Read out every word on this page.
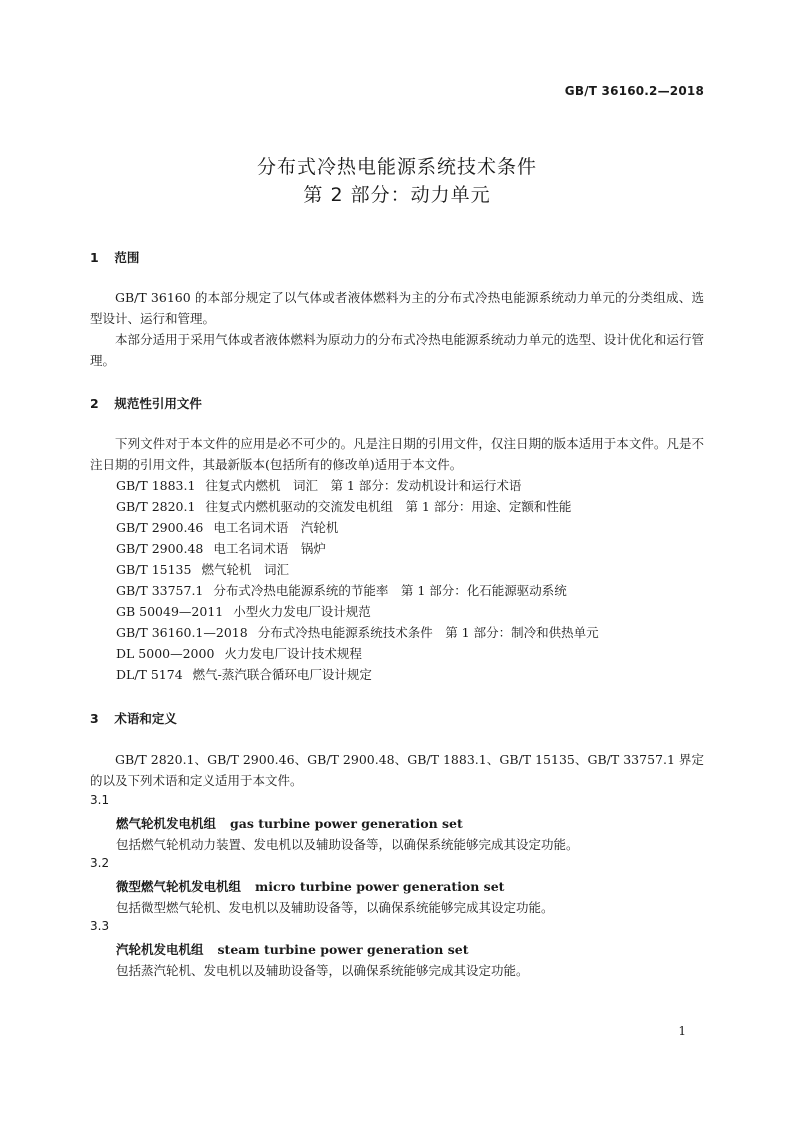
GB/T 36160.2—2018
分布式冷热电能源系统技术条件
第 2 部分：动力单元
1 范围
GB/T 36160 的本部分规定了以气体或者液体燃料为主的分布式冷热电能源系统动力单元的分类组成、选型设计、运行和管理。
本部分适用于采用气体或者液体燃料为原动力的分布式冷热电能源系统动力单元的选型、设计优化和运行管理。
2 规范性引用文件
下列文件对于本文件的应用是必不可少的。凡是注日期的引用文件，仅注日期的版本适用于本文件。凡是不注日期的引用文件，其最新版本(包括所有的修改单)适用于本文件。
GB/T 1883.1 往复式内燃机　词汇　第 1 部分：发动机设计和运行术语
GB/T 2820.1 往复式内燃机驱动的交流发电机组　第 1 部分：用途、定额和性能
GB/T 2900.46 电工名词术语　汽轮机
GB/T 2900.48 电工名词术语　锅炉
GB/T 15135 燃气轮机　词汇
GB/T 33757.1 分布式冷热电能源系统的节能率　第 1 部分：化石能源驱动系统
GB 50049—2011 小型火力发电厂设计规范
GB/T 36160.1—2018 分布式冷热电能源系统技术条件　第 1 部分：制冷和供热单元
DL 5000—2000 火力发电厂设计技术规程
DL/T 5174 燃气-蒸汽联合循环电厂设计规定
3 术语和定义
GB/T 2820.1、GB/T 2900.46、GB/T 2900.48、GB/T 1883.1、GB/T 15135、GB/T 33757.1 界定的以及下列术语和定义适用于本文件。
3.1
燃气轮机发电机组 gas turbine power generation set
包括燃气轮机动力装置、发电机以及辅助设备等，以确保系统能够完成其设定功能。
3.2
微型燃气轮机发电机组 micro turbine power generation set
包括微型燃气轮机、发电机以及辅助设备等，以确保系统能够完成其设定功能。
3.3
汽轮机发电机组 steam turbine power generation set
包括蒸汽轮机、发电机以及辅助设备等，以确保系统能够完成其设定功能。
1
